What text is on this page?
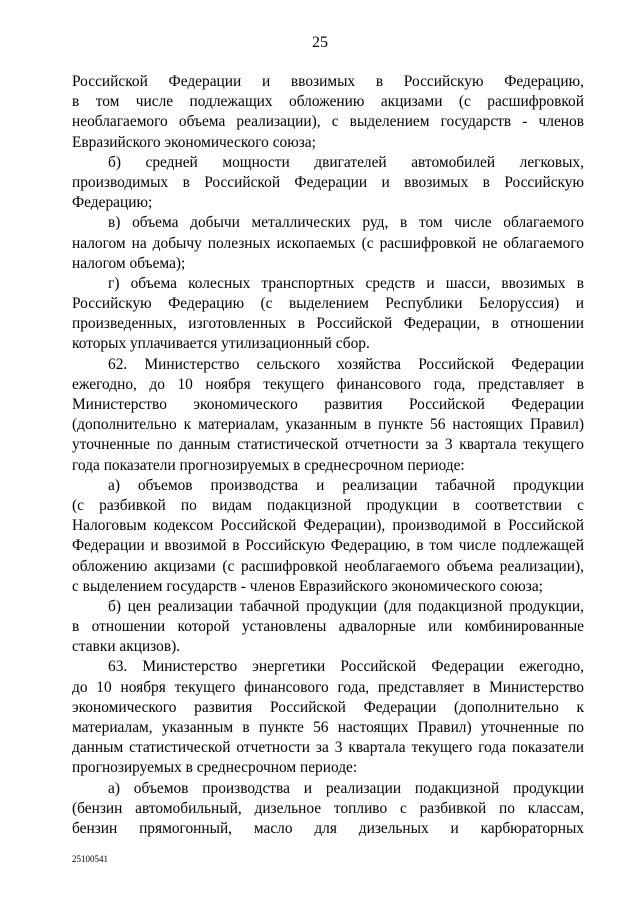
25
Российской Федерации и ввозимых в Российскую Федерацию,
в том числе подлежащих обложению акцизами (с расшифровкой
необлагаемого объема реализации), с выделением государств - членов
Евразийского экономического союза;
б) средней мощности двигателей автомобилей легковых,
производимых в Российской Федерации и ввозимых в Российскую
Федерацию;
в) объема добычи металлических руд, в том числе облагаемого
налогом на добычу полезных ископаемых (с расшифровкой не облагаемого
налогом объема);
г) объема колесных транспортных средств и шасси, ввозимых в
Российскую Федерацию (с выделением Республики Белоруссия) и
произведенных, изготовленных в Российской Федерации, в отношении
которых уплачивается утилизационный сбор.
62. Министерство сельского хозяйства Российской Федерации
ежегодно, до 10 ноября текущего финансового года, представляет в
Министерство экономического развития Российской Федерации
(дополнительно к материалам, указанным в пункте 56 настоящих Правил)
уточненные по данным статистической отчетности за 3 квартала текущего
года показатели прогнозируемых в среднесрочном периоде:
а) объемов производства и реализации табачной продукции
(с разбивкой по видам подакцизной продукции в соответствии с
Налоговым кодексом Российской Федерации), производимой в Российской
Федерации и ввозимой в Российскую Федерацию, в том числе подлежащей
обложению акцизами (с расшифровкой необлагаемого объема реализации),
с выделением государств - членов Евразийского экономического союза;
б) цен реализации табачной продукции (для подакцизной продукции,
в отношении которой установлены адвалорные или комбинированные
ставки акцизов).
63. Министерство энергетики Российской Федерации ежегодно,
до 10 ноября текущего финансового года, представляет в Министерство
экономического развития Российской Федерации (дополнительно к
материалам, указанным в пункте 56 настоящих Правил) уточненные по
данным статистической отчетности за 3 квартала текущего года показатели
прогнозируемых в среднесрочном периоде:
а) объемов производства и реализации подакцизной продукции
(бензин автомобильный, дизельное топливо с разбивкой по классам,
бензин прямогонный, масло для дизельных и карбюраторных
25100541
